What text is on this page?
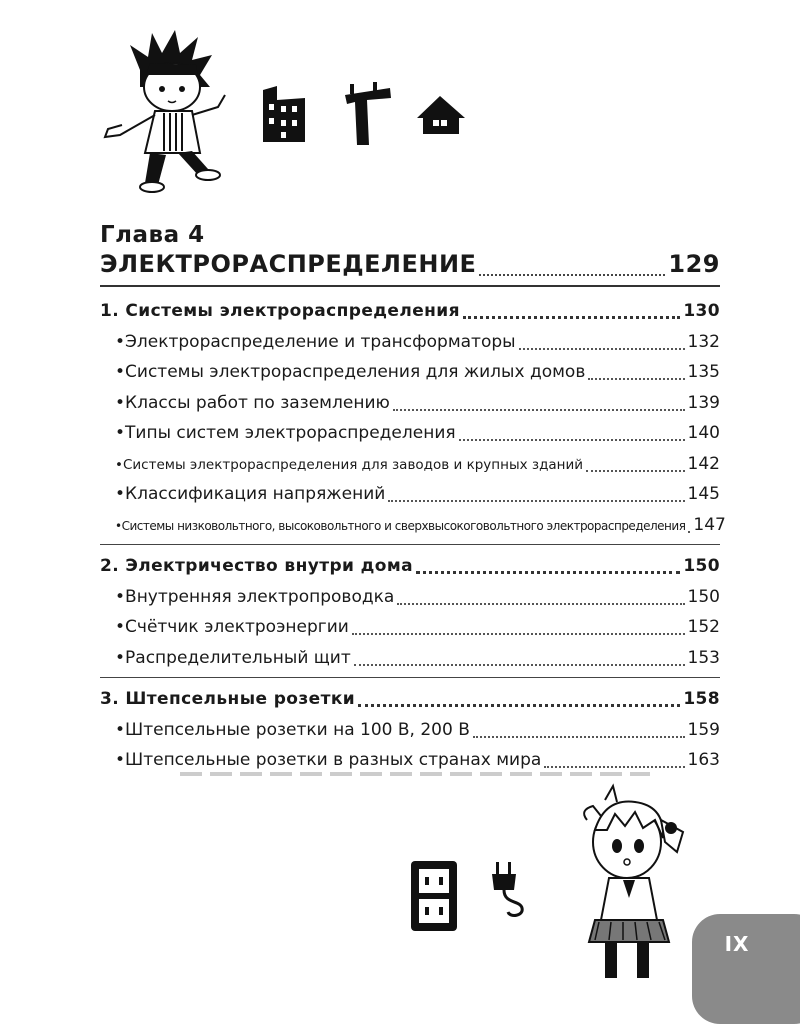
Глава 4
ЭЛЕКТРОРАСПРЕДЕЛЕНИЕ	129
1. Системы электрораспределения	130
•Электрораспределение и трансформаторы	132
•Системы электрораспределения для жилых домов	135
•Классы работ по заземлению	139
•Типы систем электрораспределения	140
•Системы электрораспределения для заводов и крупных зданий	142
•Классификация напряжений	145
•Системы низковольтного, высоковольтного и сверхвысокоговольтного электрораспределения 147
2. Электричество внутри дома	150
•Внутренняя электропроводка	150
•Счётчик электроэнергии	152
•Распределительный щит	153
3. Штепсельные розетки	158
•Штепсельные розетки на 100 В, 200 В	159
•Штепсельные розетки в разных странах мира	163
IX
